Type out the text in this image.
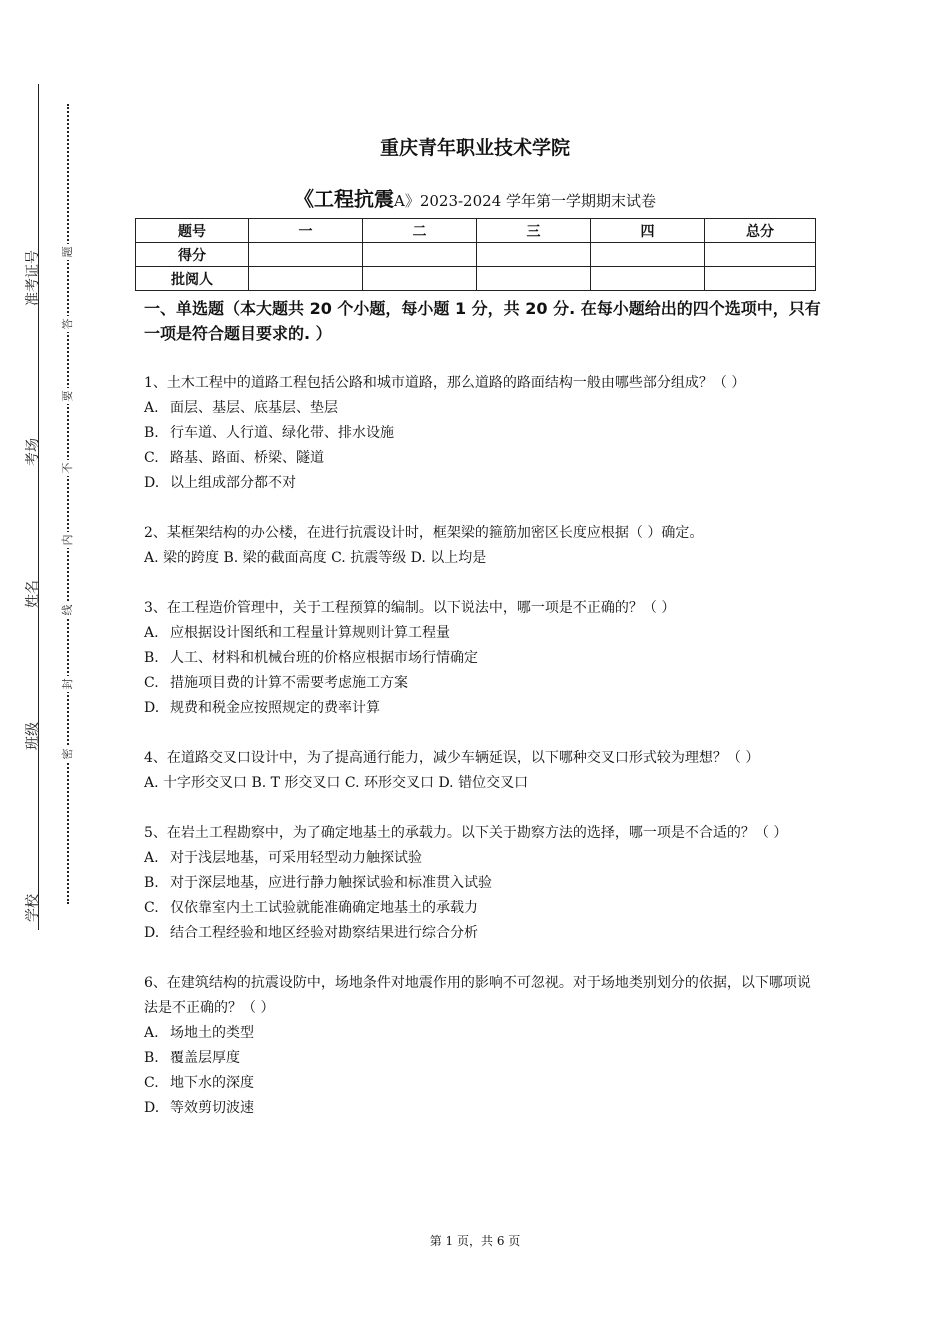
准考证号
考场
姓名
班级
学校
题
答
要
不
内
线
封
密
重庆青年职业技术学院
《工程抗震A》2023-2024 学年第一学期期末试卷
题号	一	二	三	四	总分
得分					
批阅人					
一、单选题（本大题共 20 个小题，每小题 1 分，共 20 分. 在每小题给出的四个选项中，只有一项是符合题目要求的. ）
1、土木工程中的道路工程包括公路和城市道路，那么道路的路面结构一般由哪些部分组成？（ ）
A. 面层、基层、底基层、垫层
B. 行车道、人行道、绿化带、排水设施
C. 路基、路面、桥梁、隧道
D. 以上组成部分都不对
2、某框架结构的办公楼，在进行抗震设计时，框架梁的箍筋加密区长度应根据（ ）确定。
A. 梁的跨度 B. 梁的截面高度 C. 抗震等级 D. 以上均是
3、在工程造价管理中，关于工程预算的编制。以下说法中，哪一项是不正确的？（ ）
A. 应根据设计图纸和工程量计算规则计算工程量
B. 人工、材料和机械台班的价格应根据市场行情确定
C. 措施项目费的计算不需要考虑施工方案
D. 规费和税金应按照规定的费率计算
4、在道路交叉口设计中，为了提高通行能力，减少车辆延误，以下哪种交叉口形式较为理想？（ ）
A. 十字形交叉口 B. T 形交叉口 C. 环形交叉口 D. 错位交叉口
5、在岩土工程勘察中，为了确定地基土的承载力。以下关于勘察方法的选择，哪一项是不合适的？（ ）
A. 对于浅层地基，可采用轻型动力触探试验
B. 对于深层地基，应进行静力触探试验和标准贯入试验
C. 仅依靠室内土工试验就能准确确定地基土的承载力
D. 结合工程经验和地区经验对勘察结果进行综合分析
6、在建筑结构的抗震设防中，场地条件对地震作用的影响不可忽视。对于场地类别划分的依据，以下哪项说法是不正确的？（ ）
A. 场地土的类型
B. 覆盖层厚度
C. 地下水的深度
D. 等效剪切波速
第 1 页，共 6 页
